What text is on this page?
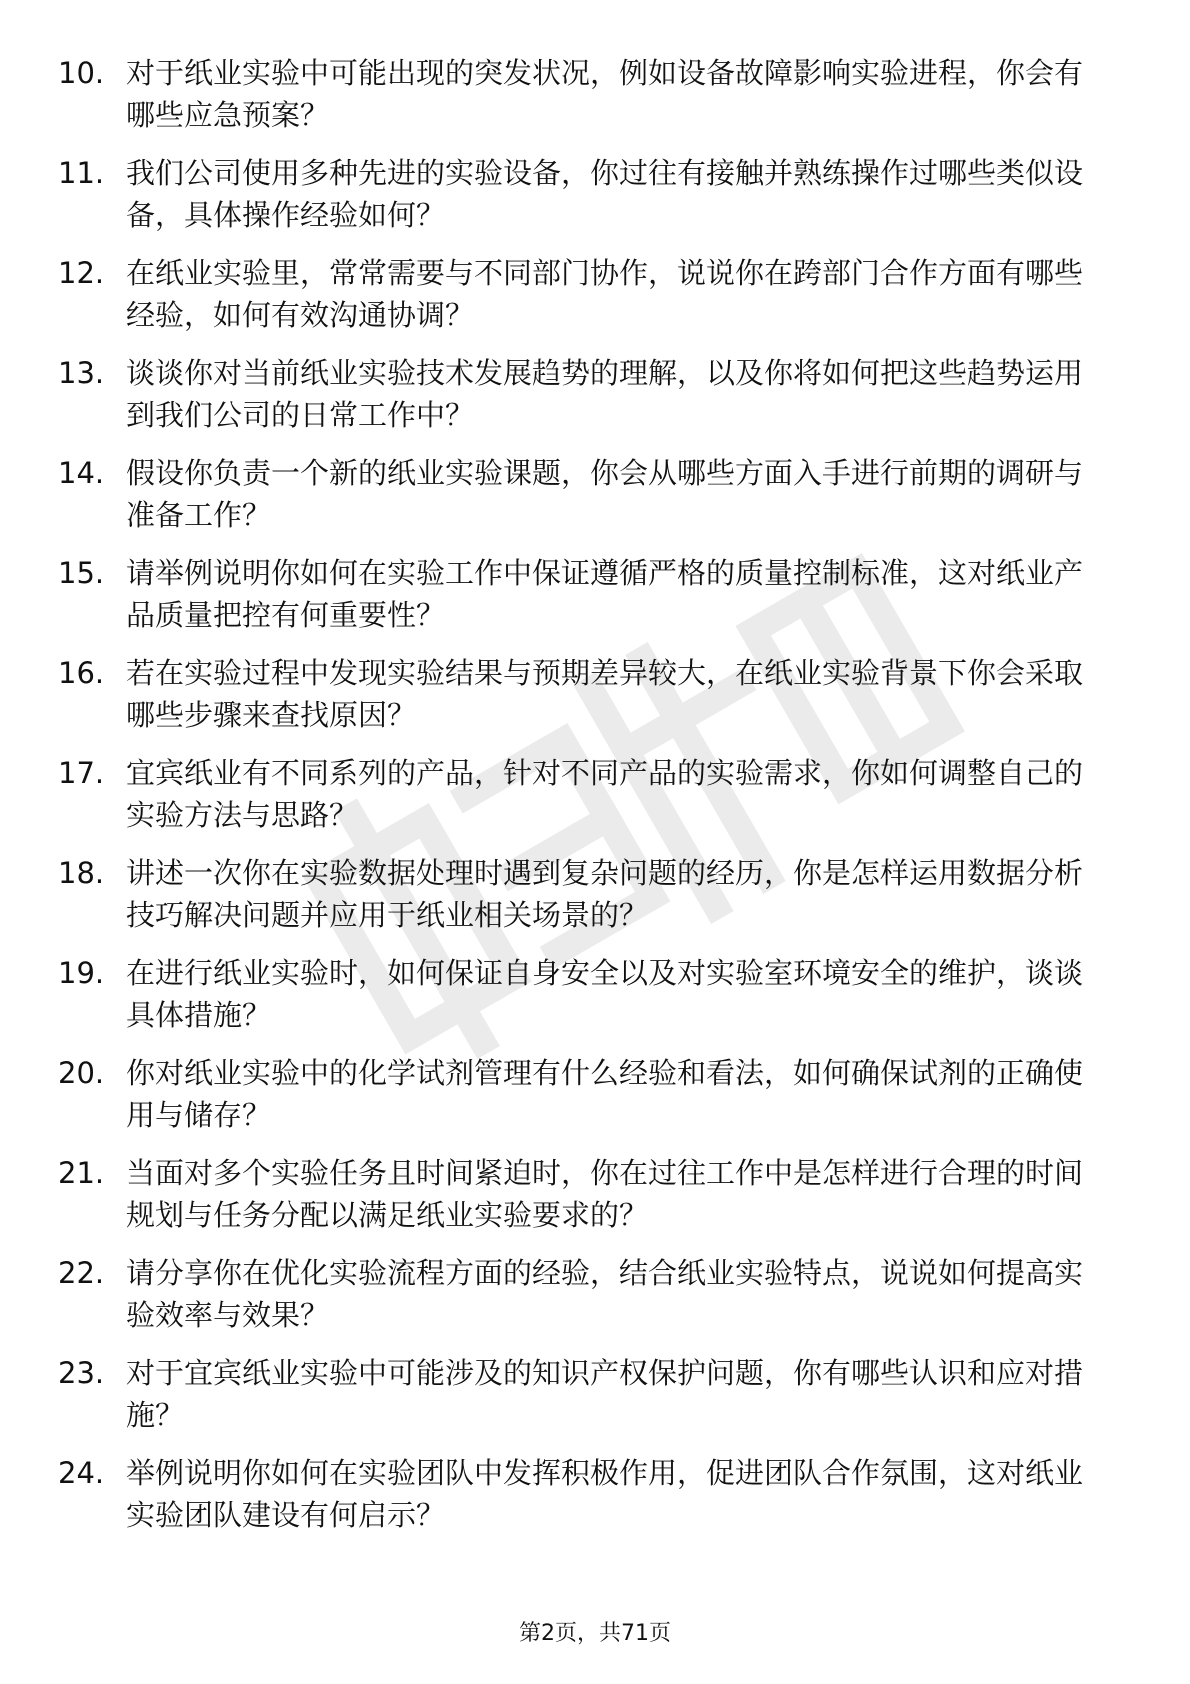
10. 对于纸业实验中可能出现的突发状况，例如设备故障影响实验进程，你会有哪些应急预案？
11. 我们公司使用多种先进的实验设备，你过往有接触并熟练操作过哪些类似设备，具体操作经验如何？
12. 在纸业实验里，常常需要与不同部门协作，说说你在跨部门合作方面有哪些经验，如何有效沟通协调？
13. 谈谈你对当前纸业实验技术发展趋势的理解，以及你将如何把这些趋势运用到我们公司的日常工作中？
14. 假设你负责一个新的纸业实验课题，你会从哪些方面入手进行前期的调研与准备工作？
15. 请举例说明你如何在实验工作中保证遵循严格的质量控制标准，这对纸业产品质量把控有何重要性？
16. 若在实验过程中发现实验结果与预期差异较大，在纸业实验背景下你会采取哪些步骤来查找原因？
17. 宜宾纸业有不同系列的产品，针对不同产品的实验需求，你如何调整自己的实验方法与思路？
18. 讲述一次你在实验数据处理时遇到复杂问题的经历，你是怎样运用数据分析技巧解决问题并应用于纸业相关场景的？
19. 在进行纸业实验时，如何保证自身安全以及对实验室环境安全的维护，谈谈具体措施？
20. 你对纸业实验中的化学试剂管理有什么经验和看法，如何确保试剂的正确使用与储存？
21. 当面对多个实验任务且时间紧迫时，你在过往工作中是怎样进行合理的时间规划与任务分配以满足纸业实验要求的？
22. 请分享你在优化实验流程方面的经验，结合纸业实验特点，说说如何提高实验效率与效果？
23. 对于宜宾纸业实验中可能涉及的知识产权保护问题，你有哪些认识和应对措施？
24. 举例说明你如何在实验团队中发挥积极作用，促进团队合作氛围，这对纸业实验团队建设有何启示？
第2页，共71页
